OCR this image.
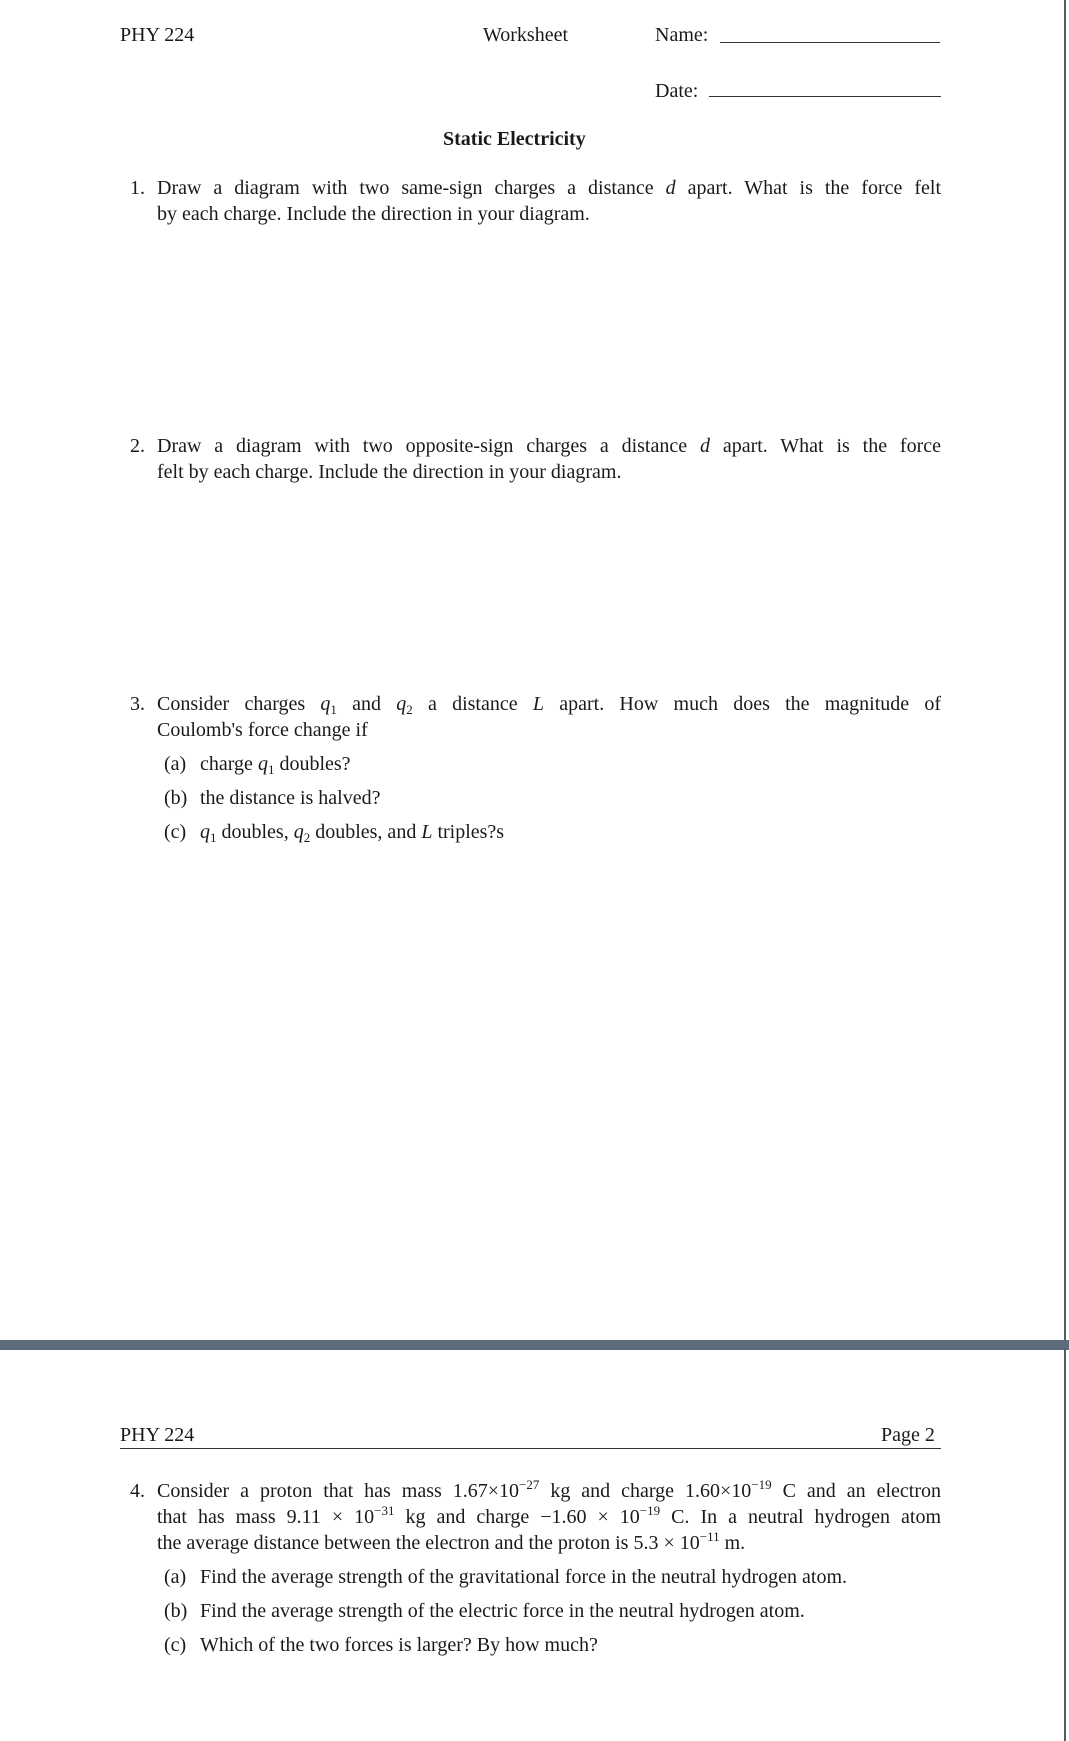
PHY 224	Worksheet	Name:
Date:
Static Electricity
1. Draw a diagram with two same-sign charges a distance d apart. What is the force felt
by each charge. Include the direction in your diagram.
2. Draw a diagram with two opposite-sign charges a distance d apart. What is the force
felt by each charge. Include the direction in your diagram.
3. Consider charges $q_1$ and $q_2$ a distance L apart. How much does the magnitude of
Coulomb's force change if
(a) charge $q_1$ doubles?
(b) the distance is halved?
(c) $q_1$ doubles, $q_2$ doubles, and L triples?s
PHY 224	Page 2
4. Consider a proton that has mass $1.67\times 10^{-27}$ kg and charge $1.60\times 10^{-19}$ C and an electron
that has mass $9.11 \times 10^{-31}$ kg and charge $-1.60 \times 10^{-19}$ C. In a neutral hydrogen atom
the average distance between the electron and the proton is $5.3 \times 10^{-11}$ m.
(a) Find the average strength of the gravitational force in the neutral hydrogen atom.
(b) Find the average strength of the electric force in the neutral hydrogen atom.
(c) Which of the two forces is larger? By how much?
